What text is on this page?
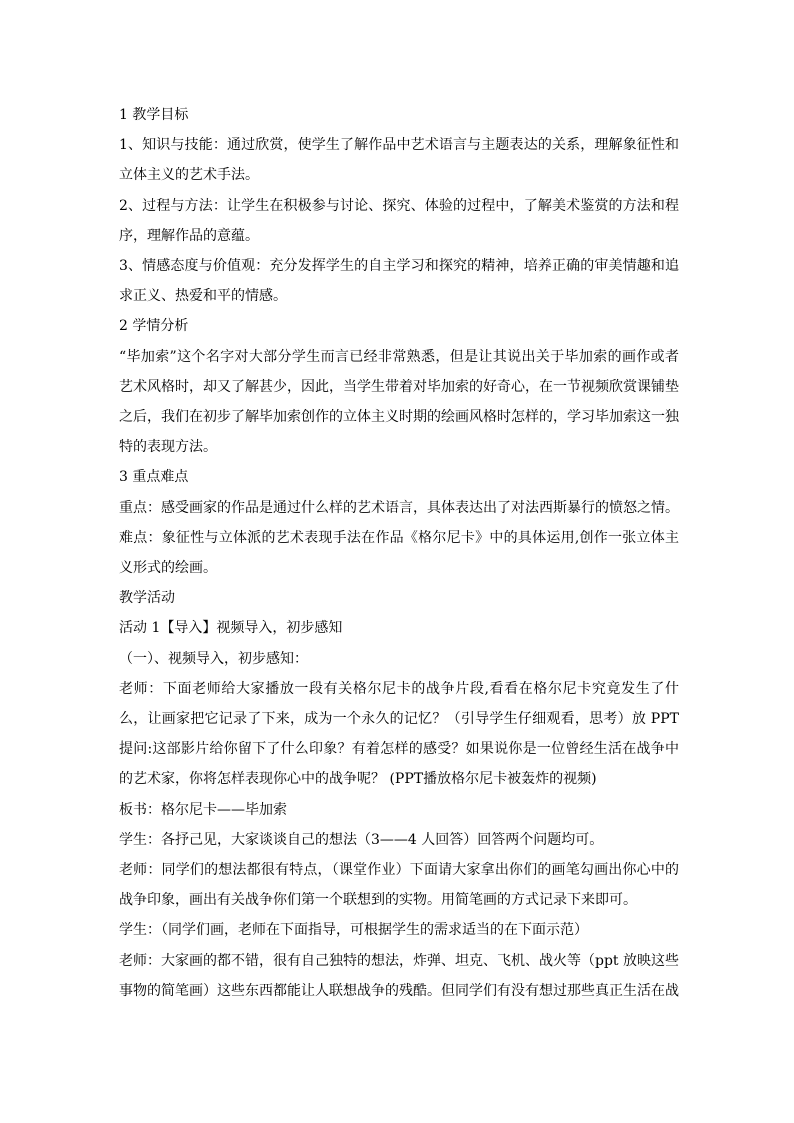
1 教学目标

1、知识与技能：通过欣赏，使学生了解作品中艺术语言与主题表达的关系，理解象征性和立体主义的艺术手法。

2、过程与方法：让学生在积极参与讨论、探究、体验的过程中，了解美术鉴赏的方法和程序，理解作品的意蕴。

3、情感态度与价值观：充分发挥学生的自主学习和探究的精神，培养正确的审美情趣和追求正义、热爱和平的情感。

2 学情分析

“毕加索”这个名字对大部分学生而言已经非常熟悉，但是让其说出关于毕加索的画作或者艺术风格时，却又了解甚少，因此，当学生带着对毕加索的好奇心，在一节视频欣赏课铺垫之后，我们在初步了解毕加索创作的立体主义时期的绘画风格时怎样的，学习毕加索这一独特的表现方法。

3 重点难点

重点：感受画家的作品是通过什么样的艺术语言，具体表达出了对法西斯暴行的愤怒之情。

难点：象征性与立体派的艺术表现手法在作品《格尔尼卡》中的具体运用,创作一张立体主义形式的绘画。

教学活动

活动 1【导入】视频导入，初步感知

（一）、视频导入，初步感知：

老师：下面老师给大家播放一段有关格尔尼卡的战争片段,看看在格尔尼卡究竟发生了什么，让画家把它记录了下来，成为一个永久的记忆？（引导学生仔细观看，思考）放 PPT 提问:这部影片给你留下了什么印象？有着怎样的感受？如果说你是一位曾经生活在战争中的艺术家，你将怎样表现你心中的战争呢？ (PPT播放格尔尼卡被轰炸的视频)

板书：格尔尼卡——毕加索

学生：各抒己见，大家谈谈自己的想法（3——4 人回答）回答两个问题均可。

老师：同学们的想法都很有特点，（课堂作业）下面请大家拿出你们的画笔勾画出你心中的战争印象，画出有关战争你们第一个联想到的实物。用简笔画的方式记录下来即可。

学生：（同学们画，老师在下面指导，可根据学生的需求适当的在下面示范）

老师：大家画的都不错，很有自己独特的想法，炸弹、坦克、飞机、战火等（ppt 放映这些事物的简笔画）这些东西都能让人联想战争的残酷。但同学们有没有想过那些真正生活在战
